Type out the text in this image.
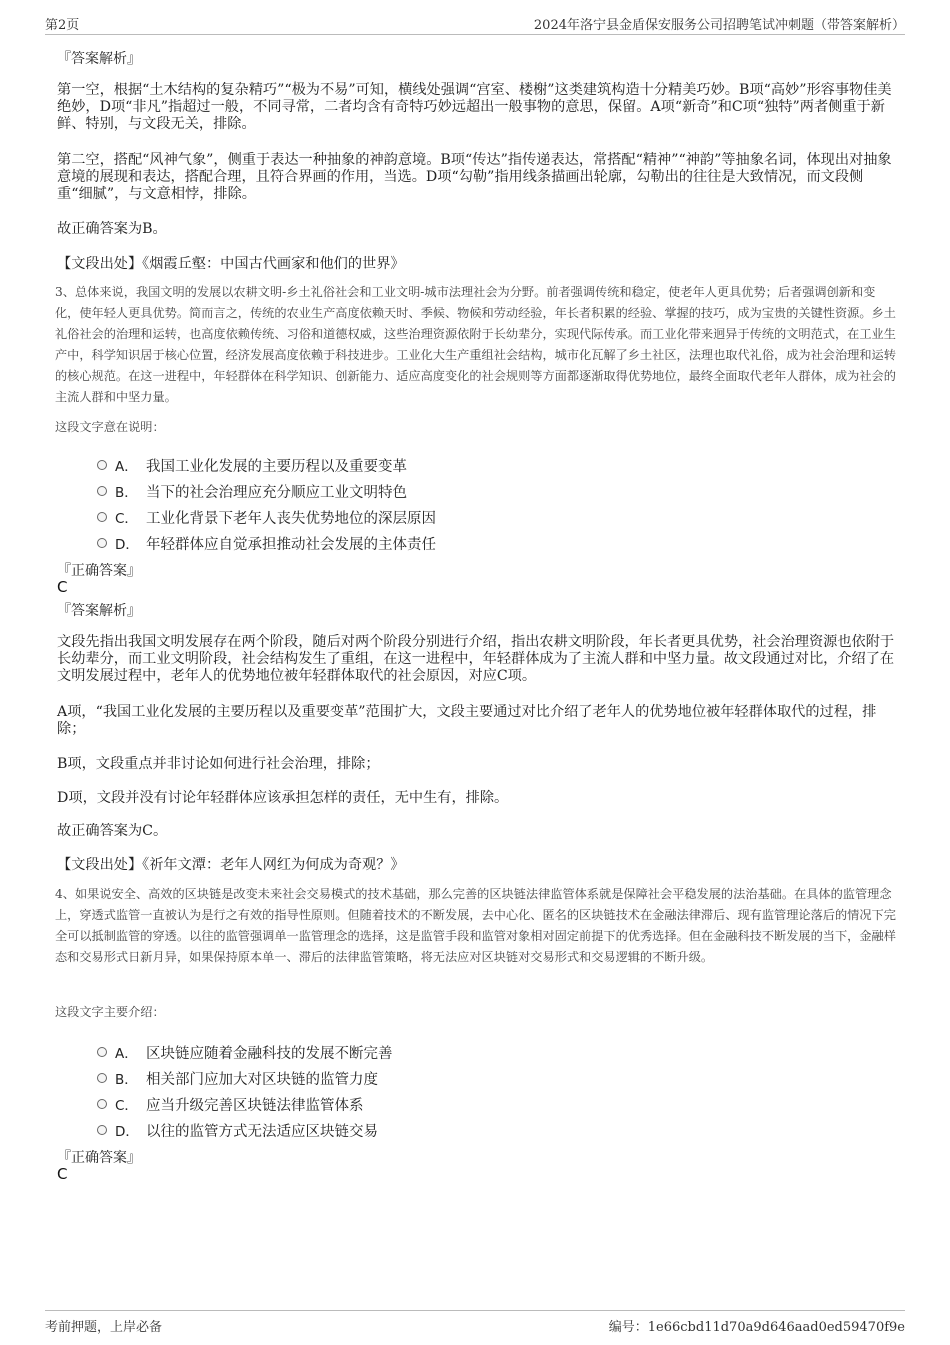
第2页	2024年洛宁县金盾保安服务公司招聘笔试冲刺题（带答案解析）

『答案解析』

第一空，根据“土木结构的复杂精巧”“极为不易”可知，横线处强调“宫室、楼榭”这类建筑构造十分精美巧妙。B项“高妙”形容事物佳美绝妙，D项“非凡”指超过一般，不同寻常，二者均含有奇特巧妙远超出一般事物的意思，保留。A项“新奇”和C项“独特”两者侧重于新鲜、特别，与文段无关，排除。

第二空，搭配“风神气象”，侧重于表达一种抽象的神韵意境。B项“传达”指传递表达，常搭配“精神”“神韵”等抽象名词，体现出对抽象意境的展现和表达，搭配合理，且符合界画的作用，当选。D项“勾勒”指用线条描画出轮廓，勾勒出的往往是大致情况，而文段侧重“细腻”，与文意相悖，排除。

故正确答案为B。

【文段出处】《烟霞丘壑：中国古代画家和他们的世界》

3、总体来说，我国文明的发展以农耕文明-乡土礼俗社会和工业文明-城市法理社会为分野。前者强调传统和稳定，使老年人更具优势；后者强调创新和变化，使年轻人更具优势。简而言之，传统的农业生产高度依赖天时、季候、物候和劳动经验，年长者积累的经验、掌握的技巧，成为宝贵的关键性资源。乡土礼俗社会的治理和运转，也高度依赖传统、习俗和道德权威，这些治理资源依附于长幼辈分，实现代际传承。而工业化带来迥异于传统的文明范式，在工业生产中，科学知识居于核心位置，经济发展高度依赖于科技进步。工业化大生产重组社会结构，城市化瓦解了乡土社区，法理也取代礼俗，成为社会治理和运转的核心规范。在这一进程中，年轻群体在科学知识、创新能力、适应高度变化的社会规则等方面都逐渐取得优势地位，最终全面取代老年人群体，成为社会的主流人群和中坚力量。

这段文字意在说明：

A． 我国工业化发展的主要历程以及重要变革
B． 当下的社会治理应充分顺应工业文明特色
C． 工业化背景下老年人丧失优势地位的深层原因
D． 年轻群体应自觉承担推动社会发展的主体责任

『正确答案』

C

『答案解析』

文段先指出我国文明发展存在两个阶段，随后对两个阶段分别进行介绍，指出农耕文明阶段，年长者更具优势，社会治理资源也依附于长幼辈分，而工业文明阶段，社会结构发生了重组，在这一进程中，年轻群体成为了主流人群和中坚力量。故文段通过对比，介绍了在文明发展过程中，老年人的优势地位被年轻群体取代的社会原因，对应C项。

A项，“我国工业化发展的主要历程以及重要变革”范围扩大，文段主要通过对比介绍了老年人的优势地位被年轻群体取代的过程，排除；

B项，文段重点并非讨论如何进行社会治理，排除；

D项，文段并没有讨论年轻群体应该承担怎样的责任，无中生有，排除。

故正确答案为C。

【文段出处】《祈年文潭：老年人网红为何成为奇观？》

4、如果说安全、高效的区块链是改变未来社会交易模式的技术基础，那么完善的区块链法律监管体系就是保障社会平稳发展的法治基础。在具体的监管理念上，穿透式监管一直被认为是行之有效的指导性原则。但随着技术的不断发展，去中心化、匿名的区块链技术在金融法律滞后、现有监管理论落后的情况下完全可以抵制监管的穿透。以往的监管强调单一监管理念的选择，这是监管手段和监管对象相对固定前提下的优秀选择。但在金融科技不断发展的当下，金融样态和交易形式日新月异，如果保持原本单一、滞后的法律监管策略，将无法应对区块链对交易形式和交易逻辑的不断升级。

这段文字主要介绍：

A． 区块链应随着金融科技的发展不断完善
B． 相关部门应加大对区块链的监管力度
C． 应当升级完善区块链法律监管体系
D． 以往的监管方式无法适应区块链交易

『正确答案』

C

考前押题，上岸必备	编号：1e66cbd11d70a9d646aad0ed59470f9e
